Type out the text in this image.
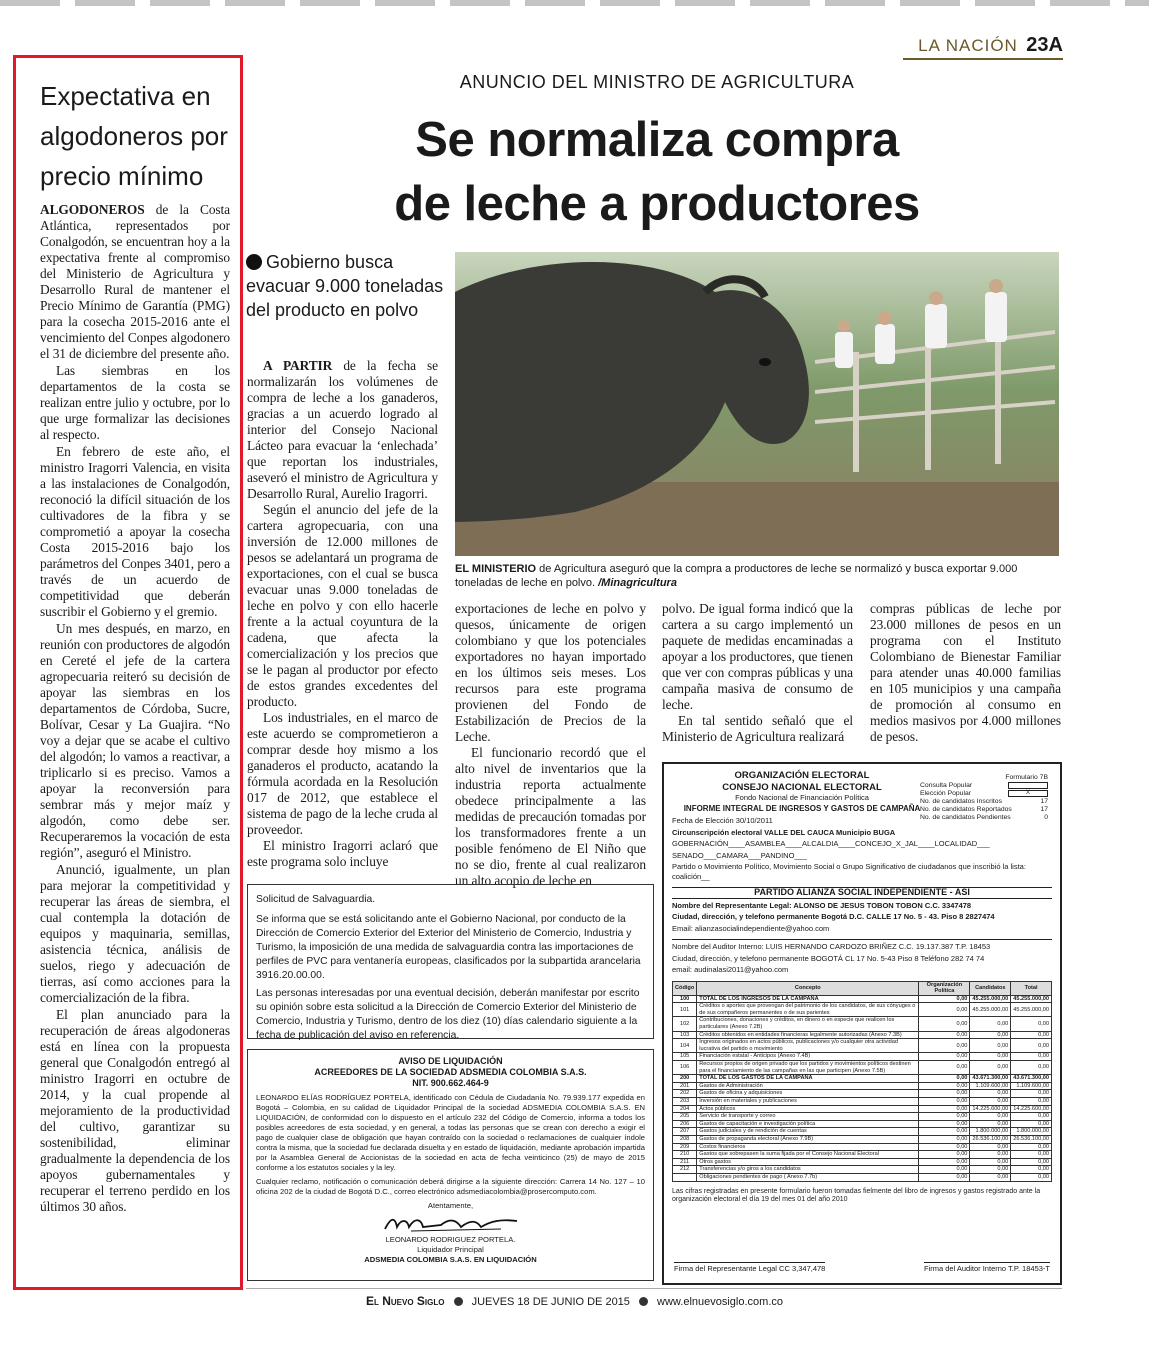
LA NACIÓN 23A
Expectativa en algodoneros por precio mínimo

ALGODONEROS de la Costa Atlántica, representados por Conalgodón, se encuentran hoy a la expectativa frente al compromiso del Ministerio de Agricultura y Desarrollo Rural de mantener el Precio Mínimo de Garantía (PMG) para la cosecha 2015-2016 ante el vencimiento del Conpes algodonero el 31 de diciembre del presente año.

Las siembras en los departamentos de la costa se realizan entre julio y octubre, por lo que urge formalizar las decisiones al respecto.

En febrero de este año, el ministro Iragorri Valencia, en visita a las instalaciones de Conalgodón, reconoció la difícil situación de los cultivadores de la fibra y se comprometió a apoyar la cosecha Costa 2015-2016 bajo los parámetros del Conpes 3401, pero a través de un acuerdo de competitividad que deberán suscribir el Gobierno y el gremio.

Un mes después, en marzo, en reunión con productores de algodón en Cereté el jefe de la cartera agropecuaria reiteró su decisión de apoyar las siembras en los departamentos de Córdoba, Sucre, Bolívar, Cesar y La Guajira. “No voy a dejar que se acabe el cultivo del algodón; lo vamos a reactivar, a triplicarlo si es preciso. Vamos a apoyar la reconversión para sembrar más y mejor maíz y algodón, como debe ser. Recuperaremos la vocación de esta región”, aseguró el Ministro.

Anunció, igualmente, un plan para mejorar la competitividad y recuperar las áreas de siembra, el cual contempla la dotación de equipos y maquinaria, semillas, asistencia técnica, análisis de suelos, riego y adecuación de tierras, así como acciones para la comercialización de la fibra.

El plan anunciado para la recuperación de áreas algodoneras está en línea con la propuesta general que Conalgodón entregó al ministro Iragorri en octubre de 2014, y la cual propende al mejoramiento de la productividad del cultivo, garantizar su sostenibilidad, eliminar gradualmente la dependencia de los apoyos gubernamentales y recuperar el terreno perdido en los últimos 30 años.

ANUNCIO DEL MINISTRO DE AGRICULTURA
Se normaliza compra
de leche a productores
Gobierno busca evacuar 9.000 toneladas del producto en polvo
EL MINISTERIO de Agricultura aseguró que la compra a productores de leche se normalizó y busca exportar 9.000 toneladas de leche en polvo. /Minagricultura

A PARTIR de la fecha se normalizarán los volúmenes de compra de leche a los ganaderos, gracias a un acuerdo logrado al interior del Consejo Nacional Lácteo para evacuar la ‘enlechada’ que reportan los industriales, aseveró el ministro de Agricultura y Desarrollo Rural, Aurelio Iragorri.

Según el anuncio del jefe de la cartera agropecuaria, con una inversión de 12.000 millones de pesos se adelantará un programa de exportaciones, con el cual se busca evacuar unas 9.000 toneladas de leche en polvo y con ello hacerle frente a la actual coyuntura de la cadena, que afecta la comercialización y los precios que se le pagan al productor por efecto de estos grandes excedentes del producto.

Los industriales, en el marco de este acuerdo se comprometieron a comprar desde hoy mismo a los ganaderos el producto, acatando la fórmula acordada en la Resolución 017 de 2012, que establece el sistema de pago de la leche cruda al proveedor.

El ministro Iragorri aclaró que este programa solo incluye

exportaciones de leche en polvo y quesos, únicamente de origen colombiano y que los potenciales exportadores no hayan importado en los últimos seis meses. Los recursos para este programa provienen del Fondo de Estabilización de Precios de la Leche.

El funcionario recordó que el alto nivel de inventarios que la industria reporta actualmente obedece principalmente a las medidas de precaución tomadas por los transformadores frente a un posible fenómeno de El Niño que no se dio, frente al cual realizaron un alto acopio de leche en

polvo. De igual forma indicó que la cartera a su cargo implementó un paquete de medidas encaminadas a apoyar a los productores, que tienen que ver con compras públicas y una campaña masiva de consumo de leche.

En tal sentido señaló que el Ministerio de Agricultura realizará

compras públicas de leche por 23.000 millones de pesos en un programa con el Instituto Colombiano de Bienestar Familiar para atender unas 40.000 familias en 105 municipios y una campaña de promoción al consumo en medios masivos por 4.000 millones de pesos.

Solicitud de Salvaguardia.

Se informa que se está solicitando ante el Gobierno Nacional, por conducto de la Dirección de Comercio Exterior del Exterior del Ministerio de Comercio, Industria y Turismo, la imposición de una medida de salvaguardia contra las importaciones de perfiles de PVC para ventanería europeas, clasificados por la subpartida arancelaria 3916.20.00.00.

Las personas interesadas por una eventual decisión, deberán manifestar por escrito su opinión sobre esta solicitud a la Dirección de Comercio Exterior del Ministerio de Comercio, Industria y Turismo, dentro de los diez (10) días calendario siguiente a la fecha de publicación del aviso en referencia.

AVISO DE LIQUIDACIÓN
ACREEDORES DE LA SOCIEDAD ADSMEDIA COLOMBIA S.A.S.
NIT. 900.662.464-9

LEONARDO ELÍAS RODRÍGUEZ PORTELA, identificado con Cédula de Ciudadanía No. 79.939.177 expedida en Bogotá – Colombia, en su calidad de Liquidador Principal de la sociedad ADSMEDIA COLOMBIA S.A.S. EN LIQUIDACIÓN, de conformidad con lo dispuesto en el artículo 232 del Código de Comercio, informa a todos los posibles acreedores de esta sociedad, y en general, a todas las personas que se crean con derecho a exigir el pago de cualquier clase de obligación que hayan contraído con la sociedad o reclamaciones de cualquier índole contra la misma, que la sociedad fue declarada disuelta y en estado de liquidación, mediante aprobación impartida por la Asamblea General de Accionistas de la sociedad en acta de fecha veinticinco (25) de mayo de 2015 conforme a los estatutos sociales y la ley.

Cualquier reclamo, notificación o comunicación deberá dirigirse a la siguiente dirección: Carrera 14 No. 127 – 10 oficina 202 de la ciudad de Bogotá D.C., correo electrónico adsmediacolombia@prosercomputo.com.

Atentamente,

LEONARDO RODRIGUEZ PORTELA.
Liquidador Principal
ADSMEDIA COLOMBIA S.A.S. EN LIQUIDACIÓN
ORGANIZACIÓN ELECTORAL
CONSEJO NACIONAL ELECTORAL
Fondo Nacional de Financiación Política
INFORME INTEGRAL DE INGRESOS Y GASTOS DE CAMPAÑA
Formulario 7B
Consulta Popular
Elección Popular	X
No. de candidatos Inscritos	17
No. de candidatos Reportados	17
No. de candidatos Pendientes	0
Fecha de Elección 30/10/2011
Circunscripción electoral VALLE DEL CAUCA Municipio BUGA
GOBERNACIÓN____ASAMBLEA____ALCALDIA____CONCEJO_X_JAL____LOCALIDAD___
SENADO___CAMARA___PANDINO___
Partido o Movimiento Político, Movimiento Social o Grupo Significativo de ciudadanos que inscribió la lista: coalición__
PARTIDO ALIANZA SOCIAL INDEPENDIENTE - ASI
Nombre del Representante Legal: ALONSO DE JESUS TOBON TOBON C.C. 3347478
Ciudad, dirección, y telefono permanente Bogotá D.C. CALLE 17 No. 5 - 43. Piso 8 2827474
Email: alianzasocialindependiente@yahoo.com
Nombre del Auditor Interno: LUIS HERNANDO CARDOZO BRIÑEZ C.C. 19.137.387 T.P. 18453
Ciudad, dirección, y telefono permanente BOGOTÁ CL 17 No. 5-43 Piso 8 Teléfono 282 74 74
email: audinalasi2011@yahoo.com
Código	Concepto	Organización Política	Candidatos	Total
100	TOTAL DE LOS INGRESOS DE LA CAMPAÑA	0,00	45.255.000,00	45.255.000,00
101	Créditos o aportes que provengan del patrimonio de los candidatos, de sus cónyuges o de sus compañeros permanentes o de sus parientes	0,00	45.255.000,00	45.255.000,00
102	Contribuciones, donaciones y créditos, en dinero o en especie que realicen los particulares (Anexo 7.2B)	0,00	0,00	0,00
103	Créditos obtenidos en entidades financieras legalmente autorizadas (Anexo 7.3B)	0,00	0,00	0,00
104	Ingresos originados en actos públicos, publicaciones y/o cualquier otra actividad lucrativa del partido o movimiento	0,00	0,00	0,00
105	Financiación estatal - Anticipos (Anexo 7.4B)	0,00	0,00	0,00
106	Recursos propios de origen privado que los partidos y movimientos políticos destinen para el financiamiento de las campañas en las que participen (Anexo 7.5B)	0,00	0,00	0,00
200	TOTAL DE LOS GASTOS DE LA CAMPAÑA	0,00	43.671.300,00	43.671.300,00
201	Gastos de Administración	0,00	1.109.600,00	1.109.600,00
202	Gastos de oficina y adquisiciones	0,00	0,00	0,00
203	Inversión en materiales y publicaciones	0,00	0,00	0,00
204	Actos públicos	0,00	14.225.600,00	14.225.600,00
205	Servicio de transporte y correo	0,00	0,00	0,00
206	Gastos de capacitación e investigación política	0,00	0,00	0,00
207	Gastos judiciales y de rendición de cuentas	0,00	1.800.000,00	1.800.000,00
208	Gastos de propaganda electoral (Anexo 7.9B)	0,00	26.536.100,00	26.536.100,00
209	Costos financieros	0,00	0,00	0,00
210	Gastos que sobrepasen la suma fijada por el Consejo Nacional Electoral	0,00	0,00	0,00
211	Otros gastos	0,00	0,00	0,00
212	Transferencias y/o giros a los candidatos	0,00	0,00	0,00
	Obligaciones pendientes de pago ( Anexo 7.7b)	0,00	0,00	0,00
Las cifras registradas en presente formulario fueron tomadas fielmente del libro de ingresos y gastos registrado ante la organización electoral el día 19 del mes 01 del año 2010
Firma del Representante Legal CC 3,347,478	Firma del Auditor Interno T.P. 18453-T
El Nuevo Siglo JUEVES 18 DE JUNIO DE 2015 www.elnuevosiglo.com.co
